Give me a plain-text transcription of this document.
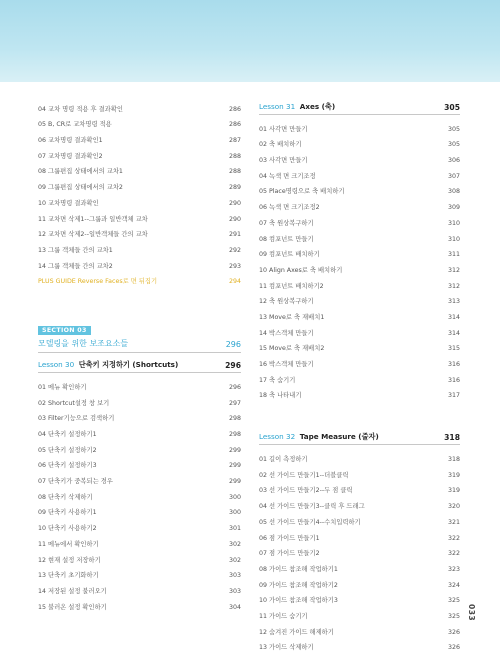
04 교차 명령 적용 후 결과확인	286
05 B, CR로 교차명령 적용	286
06 교차명령 결과확인1	287
07 교차명령 결과확인2	288
08 그룹편집 상태에서의 교차1	288
09 그룹편집 상태에서의 교차2	289
10 교차명령 결과확인	290
11 교차면 삭제1--그룹과 일반객체 교차	290
12 교차면 삭제2--일반객체들 간의 교차	291
13 그룹 객체들 간의 교차1	292
14 그룹 객체들 간의 교차2	293
PLUS GUIDE Reverse Faces로 면 뒤집기	294
SECTION 03
모델링을 위한 보조요소들	296
Lesson 30 단축키 지정하기 (Shortcuts)	296
01 메뉴 확인하기	296
02 Shortcut설정 창 보기	297
03 Filter기능으로 검색하기	298
04 단축키 설정하기1	298
05 단축키 설정하기2	299
06 단축키 설정하기3	299
07 단축키가 중복되는 경우	299
08 단축키 삭제하기	300
09 단축키 사용하기1	300
10 단축키 사용하기2	301
11 메뉴에서 확인하기	302
12 현재 설정 저장하기	302
13 단축키 초기화하기	303
14 저장된 설정 불러오기	303
15 불러온 설정 확인하기	304
Lesson 31 Axes (축)	305
01 사각면 만들기	305
02 축 배치하기	305
03 사각면 만들기	306
04 녹색 면 크기조정	307
05 Place명령으로 축 배치하기	308
06 녹색 면 크기조정2	309
07 축 원상복구하기	310
08 컴포넌트 만들기	310
09 컴포넌트 배치하기	311
10 Align Axes로 축 배치하기	312
11 컴포넌트 배치하기2	312
12 축 원상복구하기	313
13 Move로 축 재배치1	314
14 박스객체 만들기	314
15 Move로 축 재배치2	315
16 박스객체 만들기	316
17 축 숨기기	316
18 축 나타내기	317
Lesson 32 Tape Measure (줄자)	318
01 길이 측정하기	318
02 선 가이드 만들기1--더블클릭	319
03 선 가이드 만들기2--두 점 클릭	319
04 선 가이드 만들기3--클릭 후 드래그	320
05 선 가이드 만들기4--수치입력하기	321
06 점 가이드 만들기1	322
07 점 가이드 만들기2	322
08 가이드 참조해 작업하기1	323
09 가이드 참조해 작업하기2	324
10 가이드 참조해 작업하기3	325
11 가이드 숨기기	325
12 숨겨진 가이드 해제하기	326
13 가이드 삭제하기	326
033
